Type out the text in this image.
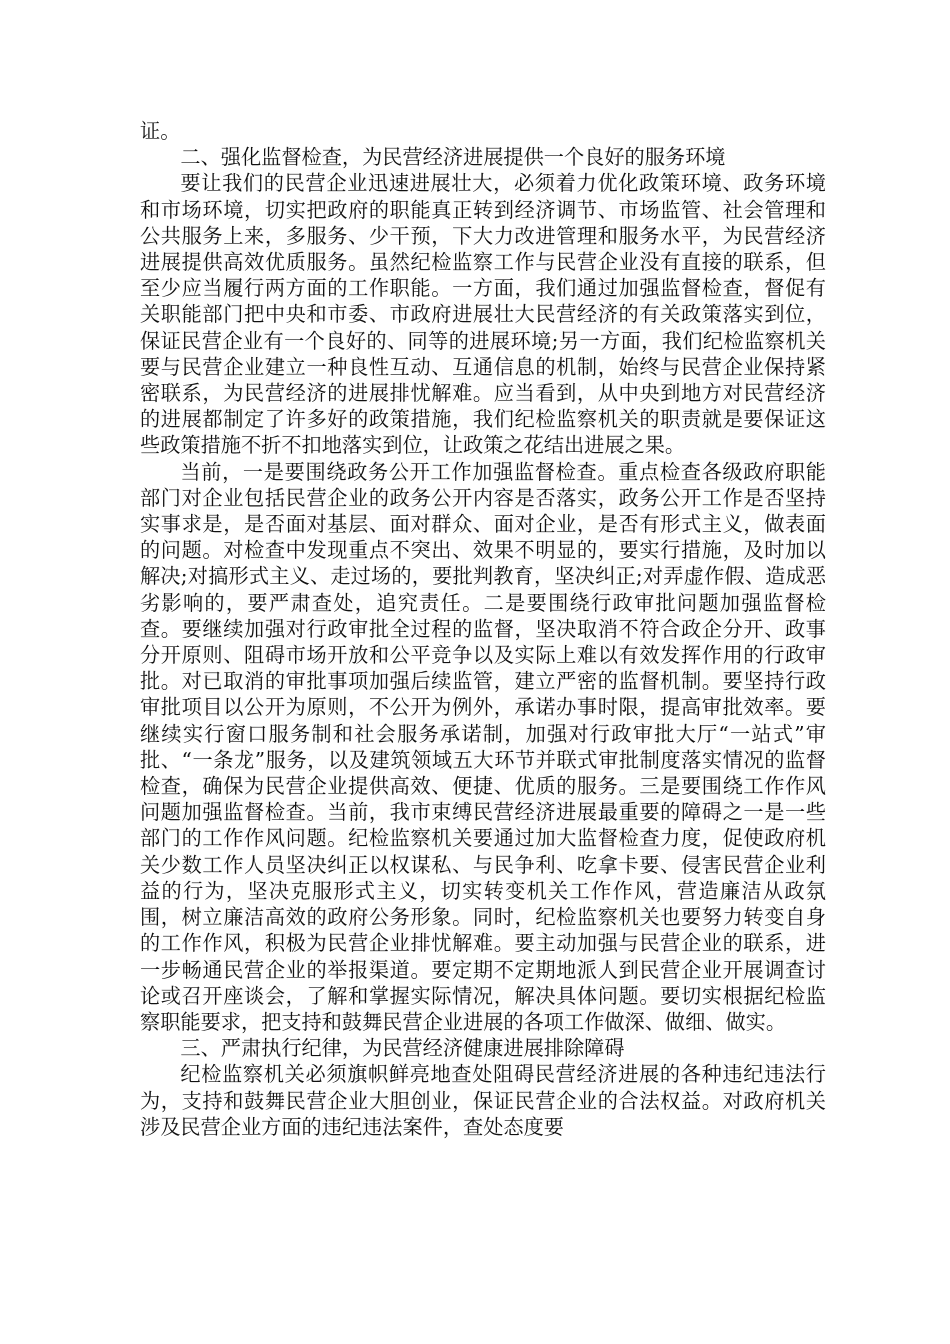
证。

二、强化监督检查，为民营经济进展提供一个良好的服务环境

要让我们的民营企业迅速进展壮大，必须着力优化政策环境、政务环境和市场环境，切实把政府的职能真正转到经济调节、市场监管、社会管理和公共服务上来，多服务、少干预，下大力改进管理和服务水平，为民营经济进展提供高效优质服务。虽然纪检监察工作与民营企业没有直接的联系，但至少应当履行两方面的工作职能。一方面，我们通过加强监督检查，督促有关职能部门把中央和市委、市政府进展壮大民营经济的有关政策落实到位，保证民营企业有一个良好的、同等的进展环境;另一方面，我们纪检监察机关要与民营企业建立一种良性互动、互通信息的机制，始终与民营企业保持紧密联系，为民营经济的进展排忧解难。应当看到，从中央到地方对民营经济的进展都制定了许多好的政策措施，我们纪检监察机关的职责就是要保证这些政策措施不折不扣地落实到位，让政策之花结出进展之果。

当前，一是要围绕政务公开工作加强监督检查。重点检查各级政府职能部门对企业包括民营企业的政务公开内容是否落实，政务公开工作是否坚持实事求是，是否面对基层、面对群众、面对企业，是否有形式主义，做表面的问题。对检查中发现重点不突出、效果不明显的，要实行措施，及时加以解决;对搞形式主义、走过场的，要批判教育，坚决纠正;对弄虚作假、造成恶劣影响的，要严肃查处，追究责任。二是要围绕行政审批问题加强监督检查。要继续加强对行政审批全过程的监督，坚决取消不符合政企分开、政事分开原则、阻碍市场开放和公平竞争以及实际上难以有效发挥作用的行政审批。对已取消的审批事项加强后续监管，建立严密的监督机制。要坚持行政审批项目以公开为原则，不公开为例外，承诺办事时限，提高审批效率。要继续实行窗口服务制和社会服务承诺制，加强对行政审批大厅“一站式”审批、“一条龙”服务，以及建筑领域五大环节并联式审批制度落实情况的监督检查，确保为民营企业提供高效、便捷、优质的服务。三是要围绕工作作风问题加强监督检查。当前，我市束缚民营经济进展最重要的障碍之一是一些部门的工作作风问题。纪检监察机关要通过加大监督检查力度，促使政府机关少数工作人员坚决纠正以权谋私、与民争利、吃拿卡要、侵害民营企业利益的行为，坚决克服形式主义，切实转变机关工作作风，营造廉洁从政氛围，树立廉洁高效的政府公务形象。同时，纪检监察机关也要努力转变自身的工作作风，积极为民营企业排忧解难。要主动加强与民营企业的联系，进一步畅通民营企业的举报渠道。要定期不定期地派人到民营企业开展调查讨论或召开座谈会，了解和掌握实际情况，解决具体问题。要切实根据纪检监察职能要求，把支持和鼓舞民营企业进展的各项工作做深、做细、做实。

三、严肃执行纪律，为民营经济健康进展排除障碍

纪检监察机关必须旗帜鲜亮地查处阻碍民营经济进展的各种违纪违法行为，支持和鼓舞民营企业大胆创业，保证民营企业的合法权益。对政府机关涉及民营企业方面的违纪违法案件，查处态度要
